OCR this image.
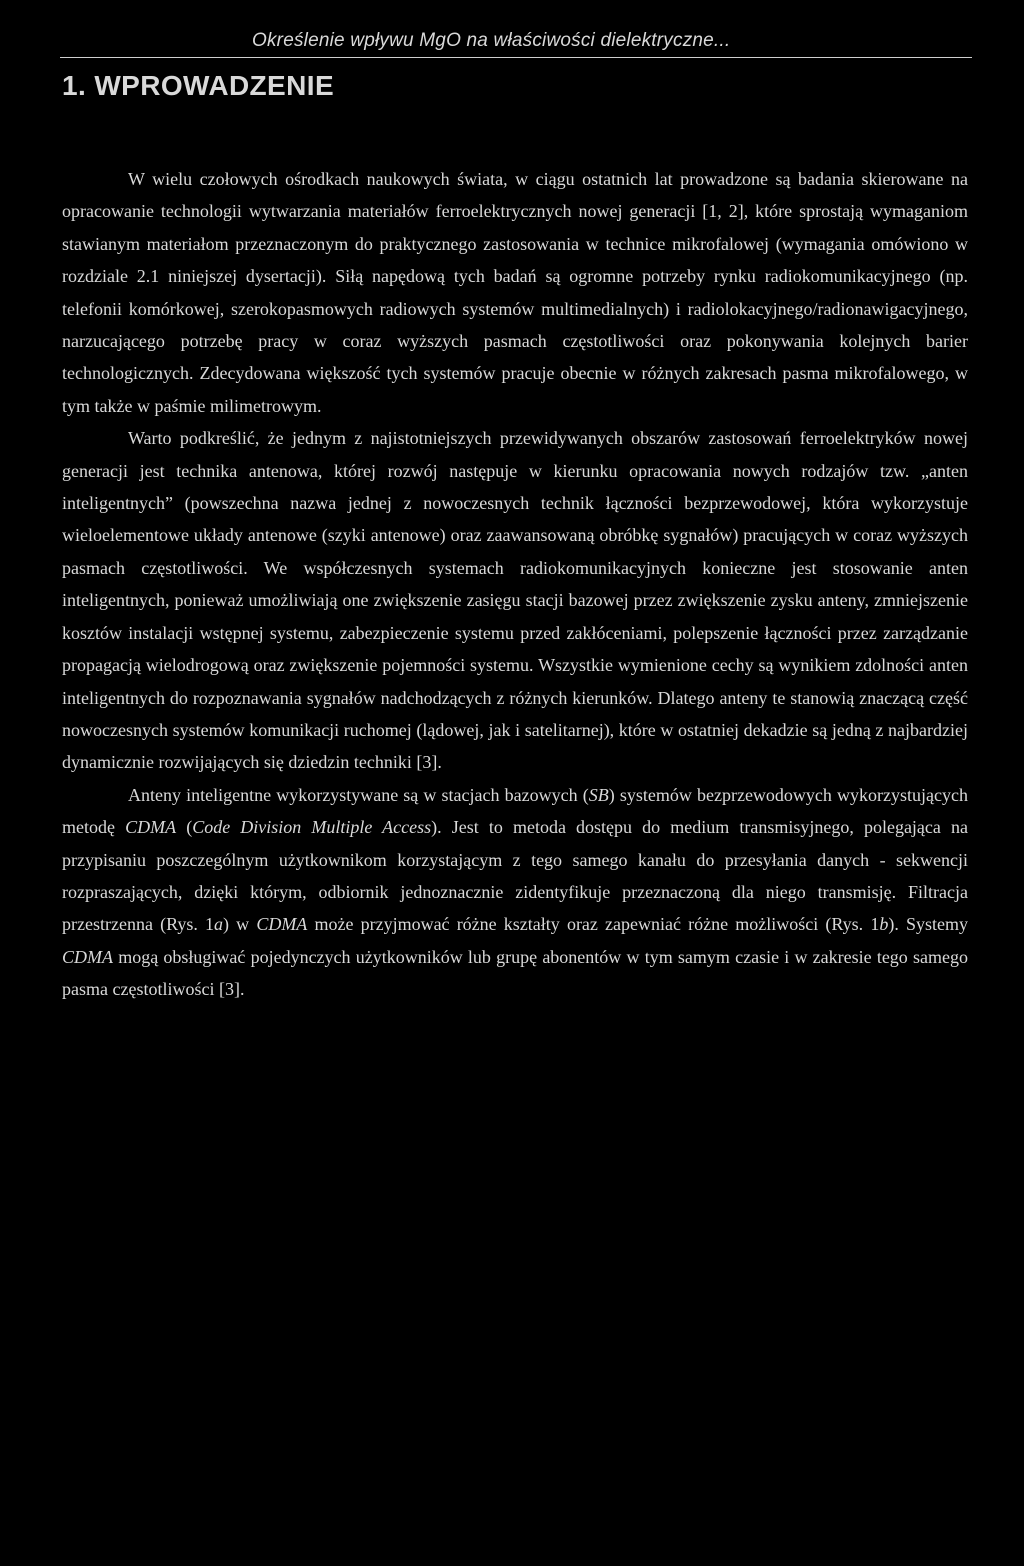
Określenie wpływu MgO na właściwości dielektryczne...
1. WPROWADZENIE

W wielu czołowych ośrodkach naukowych świata, w ciągu ostatnich lat prowadzone są badania skierowane na opracowanie technologii wytwarzania materiałów ferroelektrycznych nowej generacji [1, 2], które sprostają wymaganiom stawianym materiałom przeznaczonym do praktycznego zastosowania w technice mikrofalowej (wymagania omówiono w rozdziale 2.1 niniejszej dysertacji). Siłą napędową tych badań są ogromne potrzeby rynku radiokomunikacyjnego (np. telefonii komórkowej, szerokopasmowych radiowych systemów multimedialnych) i radiolokacyjnego/radionawigacyjnego, narzucającego potrzebę pracy w coraz wyższych pasmach częstotliwości oraz pokonywania kolejnych barier technologicznych. Zdecydowana większość tych systemów pracuje obecnie w różnych zakresach pasma mikrofalowego, w tym także w paśmie milimetrowym.

Warto podkreślić, że jednym z najistotniejszych przewidywanych obszarów zastosowań ferroelektryków nowej generacji jest technika antenowa, której rozwój następuje w kierunku opracowania nowych rodzajów tzw. „anten inteligentnych” (powszechna nazwa jednej z nowoczesnych technik łączności bezprzewodowej, która wykorzystuje wieloelementowe układy antenowe (szyki antenowe) oraz zaawansowaną obróbkę sygnałów) pracujących w coraz wyższych pasmach częstotliwości. We współczesnych systemach radiokomunikacyjnych konieczne jest stosowanie anten inteligentnych, ponieważ umożliwiają one zwiększenie zasięgu stacji bazowej przez zwiększenie zysku anteny, zmniejszenie kosztów instalacji wstępnej systemu, zabezpieczenie systemu przed zakłóceniami, polepszenie łączności przez zarządzanie propagacją wielodrogową oraz zwiększenie pojemności systemu. Wszystkie wymienione cechy są wynikiem zdolności anten inteligentnych do rozpoznawania sygnałów nadchodzących z różnych kierunków. Dlatego anteny te stanowią znaczącą część nowoczesnych systemów komunikacji ruchomej (lądowej, jak i satelitarnej), które w ostatniej dekadzie są jedną z najbardziej dynamicznie rozwijających się dziedzin techniki [3].

Anteny inteligentne wykorzystywane są w stacjach bazowych (SB) systemów bezprzewodowych wykorzystujących metodę CDMA (Code Division Multiple Access). Jest to metoda dostępu do medium transmisyjnego, polegająca na przypisaniu poszczególnym użytkownikom korzystającym z tego samego kanału do przesyłania danych - sekwencji rozpraszających, dzięki którym, odbiornik jednoznacznie zidentyfikuje przeznaczoną dla niego transmisję. Filtracja przestrzenna (Rys. 1a) w CDMA może przyjmować różne kształty oraz zapewniać różne możliwości (Rys. 1b). Systemy CDMA mogą obsługiwać pojedynczych użytkowników lub grupę abonentów w tym samym czasie i w zakresie tego samego pasma częstotliwości [3].
